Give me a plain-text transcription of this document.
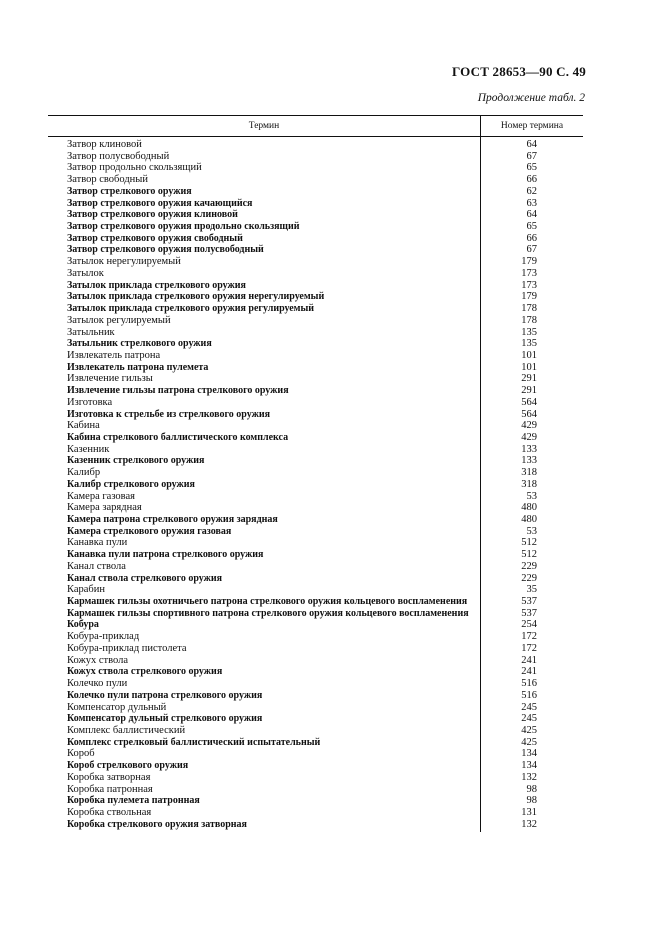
ГОСТ 28653—90 С. 49
Продолжение табл. 2
Термин	Номер термина
Затвор клиновой
Затвор полусвободный
Затвор продольно скользящий
Затвор свободный
Затвор стрелкового оружия
Затвор стрелкового оружия качающийся
Затвор стрелкового оружия клиновой
Затвор стрелкового оружия продольно скользящий
Затвор стрелкового оружия свободный
Затвор стрелкового оружия полусвободный
Затылок нерегулируемый
Затылок
Затылок приклада стрелкового оружия
Затылок приклада стрелкового оружия нерегулируемый
Затылок приклада стрелкового оружия регулируемый
Затылок регулируемый
Затыльник
Затыльник стрелкового оружия
Извлекатель патрона
Извлекатель патрона пулемета
Извлечение гильзы
Извлечение гильзы патрона стрелкового оружия
Изготовка
Изготовка к стрельбе из стрелкового оружия
Кабина
Кабина стрелкового баллистического комплекса
Казенник
Казенник стрелкового оружия
Калибр
Калибр стрелкового оружия
Камера газовая
Камера зарядная
Камера патрона стрелкового оружия зарядная
Камера стрелкового оружия газовая
Канавка пули
Канавка пули патрона стрелкового оружия
Канал ствола
Канал ствола стрелкового оружия
Карабин
Кармашек гильзы охотничьего патрона стрелкового оружия кольцевого воспламенения
Кармашек гильзы спортивного патрона стрелкового оружия кольцевого воспламенения
Кобура
Кобура-приклад
Кобура-приклад пистолета
Кожух ствола
Кожух ствола стрелкового оружия
Колечко пули
Колечко пули патрона стрелкового оружия
Компенсатор дульный
Компенсатор дульный стрелкового оружия
Комплекс баллистический
Комплекс стрелковый баллистический испытательный
Короб
Короб стрелкового оружия
Коробка затворная
Коробка патронная
Коробка пулемета патронная
Коробка ствольная
Коробка стрелкового оружия затворная
64
67
65
66
62
63
64
65
66
67
179
173
173
179
178
178
135
135
101
101
291
291
564
564
429
429
133
133
318
318
53
480
480
53
512
512
229
229
35
537
537
254
172
172
241
241
516
516
245
245
425
425
134
134
132
98
98
131
132
